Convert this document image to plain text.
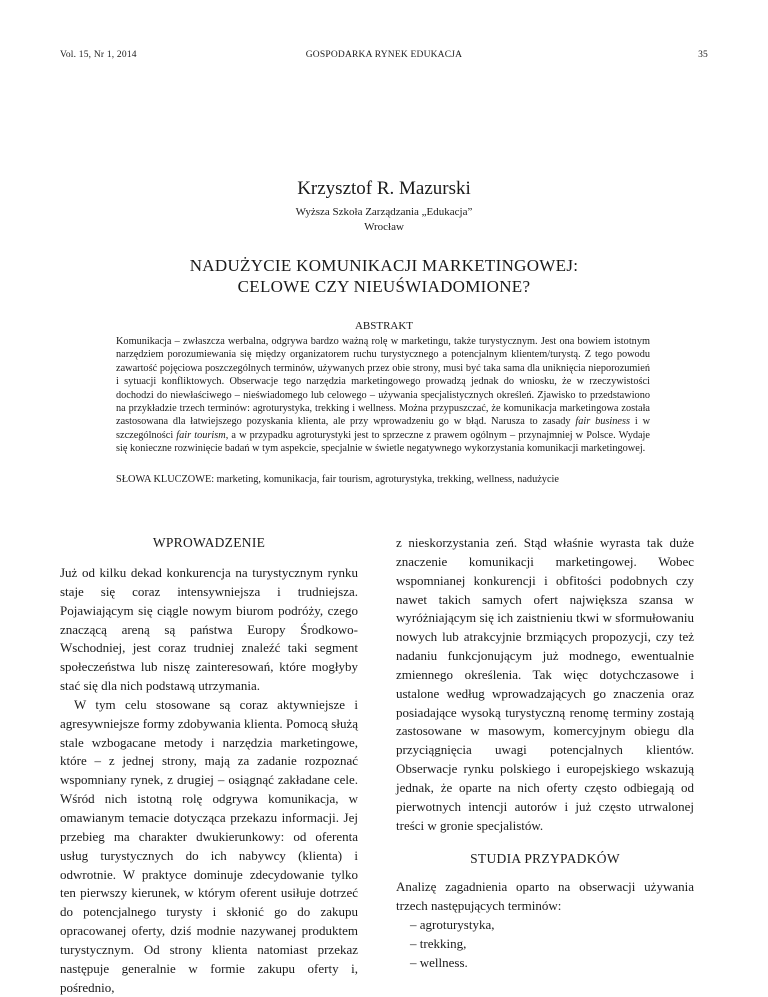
Vol. 15, Nr 1, 2014	GOSPODARKA RYNEK EDUKACJA	35
Krzysztof R. Mazurski
Wyższa Szkoła Zarządzania „Edukacja”
Wrocław
NADUŻYCIE KOMUNIKACJI MARKETINGOWEJ:
CELOWE CZY NIEUŚWIADOMIONE?
ABSTRAKT

Komunikacja – zwłaszcza werbalna, odgrywa bardzo ważną rolę w marketingu, także turystycznym. Jest ona bowiem istotnym narzędziem porozumiewania się między organizatorem ruchu turystycznego a potencjalnym klientem/turystą. Z tego powodu zawartość pojęciowa poszczególnych terminów, używanych przez obie strony, musi być taka sama dla uniknięcia nieporozumień i sytuacji konfliktowych. Obserwacje tego narzędzia marketingowego prowadzą jednak do wniosku, że w rzeczywistości dochodzi do niewłaściwego – nieświadomego lub celowego – używania specjalistycznych określeń. Zjawisko to przedstawiono na przykładzie trzech terminów: agroturystyka, trekking i wellness. Można przypuszczać, że komunikacja marketingowa została zastosowana dla łatwiejszego pozyskania klienta, ale przy wprowadzeniu go w błąd. Narusza to zasady fair business i w szczególności fair tourism, a w przypadku agroturystyki jest to sprzeczne z prawem ogólnym – przynajmniej w Polsce. Wydaje się konieczne rozwinięcie badań w tym aspekcie, specjalnie w świetle negatywnego wykorzystania komunikacji marketingowej.

SŁOWA KLUCZOWE: marketing, komunikacja, fair tourism, agroturystyka, trekking, wellness, nadużycie
WPROWADZENIE

Już od kilku dekad konkurencja na turystycznym rynku staje się coraz intensywniejsza i trudniejsza. Pojawiającym się ciągle nowym biurom podróży, czego znaczącą areną są państwa Europy Środkowo-Wschodniej, jest coraz trudniej znaleźć taki segment społeczeństwa lub niszę zainteresowań, które mogłyby stać się dla nich podstawą utrzymania.

W tym celu stosowane są coraz aktywniejsze i agresywniejsze formy zdobywania klienta. Pomocą służą stale wzbogacane metody i narzędzia marketingowe, które – z jednej strony, mają za zadanie rozpoznać wspomniany rynek, z drugiej – osiągnąć zakładane cele. Wśród nich istotną rolę odgrywa komunikacja, w omawianym temacie dotycząca przekazu informacji. Jej przebieg ma charakter dwukierunkowy: od oferenta usług turystycznych do ich nabywcy (klienta) i odwrotnie. W praktyce dominuje zdecydowanie tylko ten pierwszy kierunek, w którym oferent usiłuje dotrzeć do potencjalnego turysty i skłonić go do zakupu opracowanej oferty, dziś modnie nazywanej produktem turystycznym. Od strony klienta natomiast przekaz następuje generalnie w formie zakupu oferty i, pośrednio,

z nieskorzystania zeń. Stąd właśnie wyrasta tak duże znaczenie komunikacji marketingowej. Wobec wspomnianej konkurencji i obfitości podobnych czy nawet takich samych ofert największa szansa w wyróżniającym się ich zaistnieniu tkwi w sformułowaniu nowych lub atrakcyjnie brzmiących propozycji, czy też nadaniu funkcjonującym już modnego, ewentualnie zmiennego określenia. Tak więc dotychczasowe i ustalone według wprowadzających go znaczenia oraz posiadające wysoką turystyczną renomę terminy zostają zastosowane w masowym, komercyjnym obiegu dla przyciągnięcia uwagi potencjalnych klientów. Obserwacje rynku polskiego i europejskiego wskazują jednak, że oparte na nich oferty często odbiegają od pierwotnych intencji autorów i już często utrwalonej treści w gronie specjalistów.

STUDIA PRZYPADKÓW

Analizę zagadnienia oparto na obserwacji używania trzech następujących terminów:

– agroturystyka,
– trekking,
– wellness.
